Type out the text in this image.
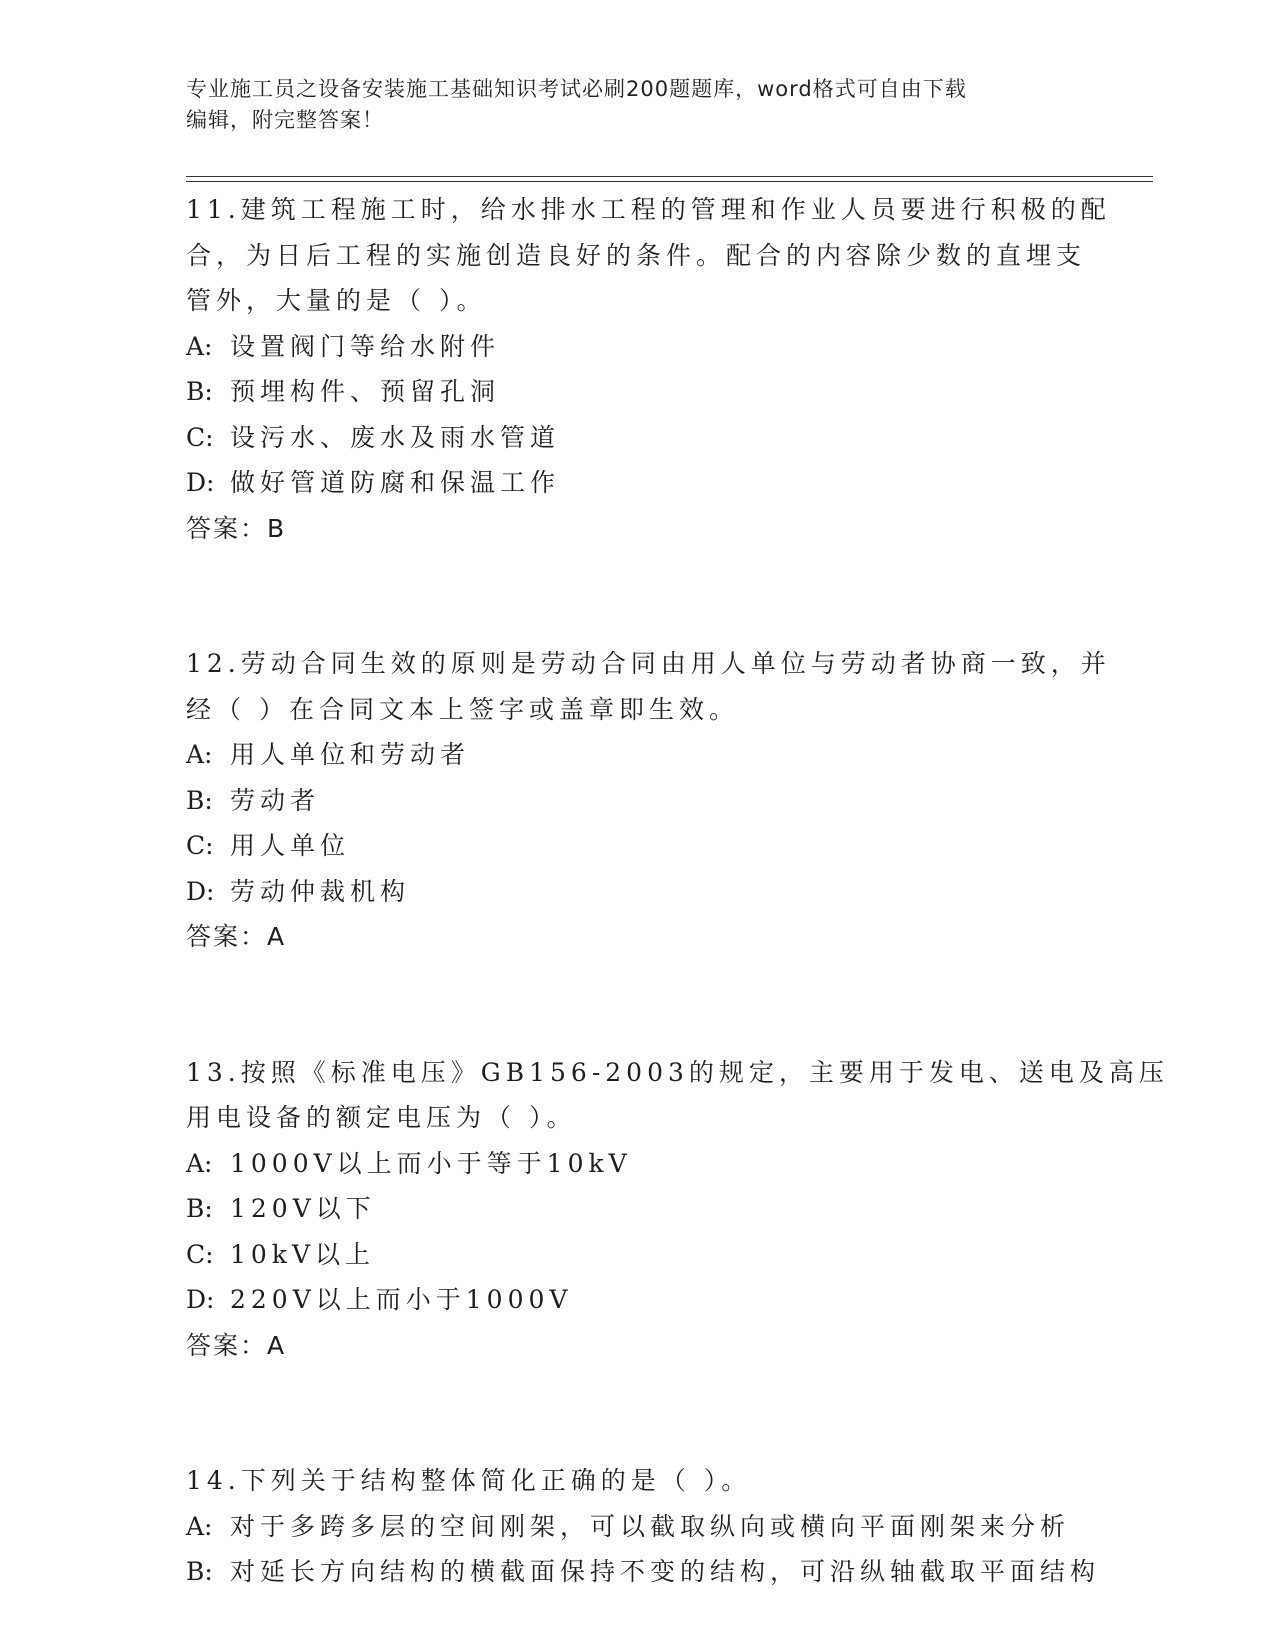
专业施工员之设备安装施工基础知识考试必刷200题题库，word格式可自由下载
编辑，附完整答案！
11.建筑工程施工时，给水排水工程的管理和作业人员要进行积极的配
合，为日后工程的实施创造良好的条件。配合的内容除少数的直埋支
管外，大量的是（ ）。
A: 设置阀门等给水附件
B: 预埋构件、预留孔洞
C: 设污水、废水及雨水管道
D: 做好管道防腐和保温工作
答案：B
12.劳动合同生效的原则是劳动合同由用人单位与劳动者协商一致，并
经（ ）在合同文本上签字或盖章即生效。
A: 用人单位和劳动者
B: 劳动者
C: 用人单位
D: 劳动仲裁机构
答案：A
13.按照《标准电压》GB156-2003的规定，主要用于发电、送电及高压
用电设备的额定电压为（ ）。
A: 1000V以上而小于等于10kV
B: 120V以下
C: 10kV以上
D: 220V以上而小于1000V
答案：A
14.下列关于结构整体简化正确的是（ ）。
A: 对于多跨多层的空间刚架，可以截取纵向或横向平面刚架来分析
B: 对延长方向结构的横截面保持不变的结构，可沿纵轴截取平面结构
